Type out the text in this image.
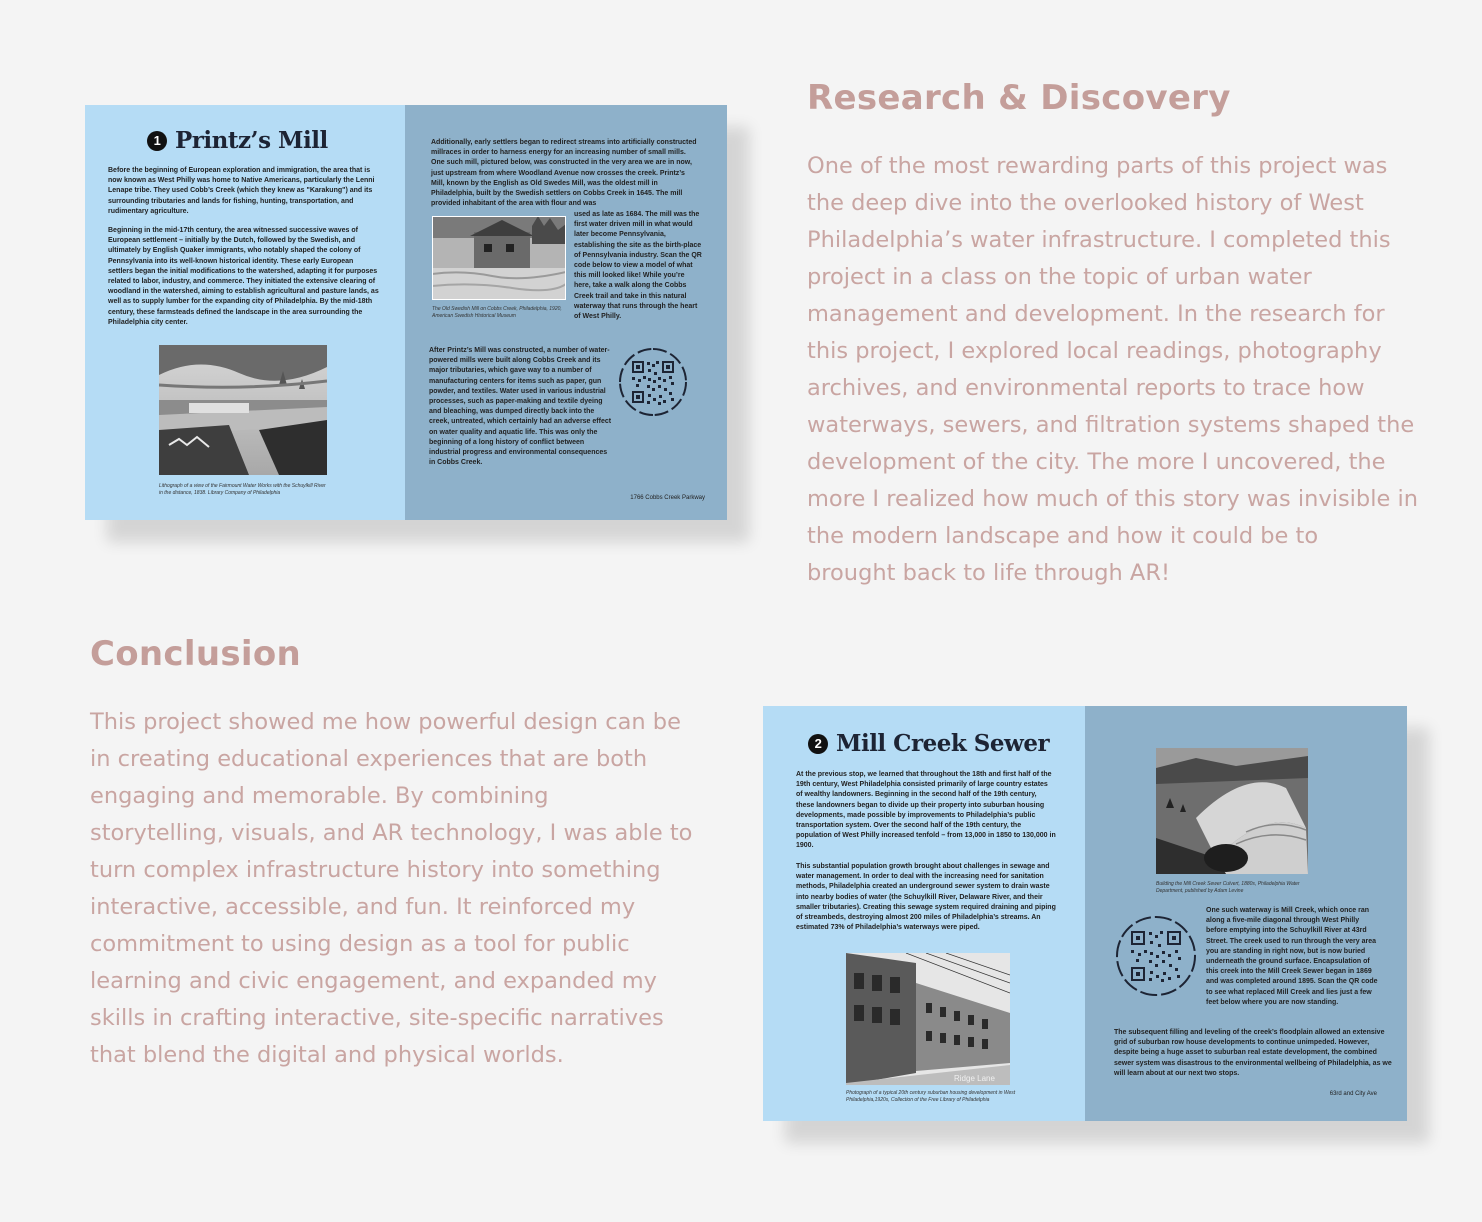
1 Printz’s Mill

Before the beginning of European exploration and immigration, the area that is now known as West Philly was home to Native Americans, particularly the Lenni Lenape tribe. They used Cobb’s Creek (which they knew as "Karakung") and its surrounding tributaries and lands for fishing, hunting, transportation, and rudimentary agriculture.

Beginning in the mid-17th century, the area witnessed successive waves of European settlement – initially by the Dutch, followed by the Swedish, and ultimately by English Quaker immigrants, who notably shaped the colony of Pennsylvania into its well-known historical identity. These early European settlers began the initial modifications to the watershed, adapting it for purposes related to labor, industry, and commerce. They initiated the extensive clearing of woodland in the watershed, aiming to establish agricultural and pasture lands, as well as to supply lumber for the expanding city of Philadelphia. By the mid-18th century, these farmsteads defined the landscape in the area surrounding the Philadelphia city center.

Lithograph of a view of the Fairmount Water Works with the Schuylkill River in the distance, 1838. Library Company of Philadelphia

Additionally, early settlers began to redirect streams into artificially constructed millraces in order to harness energy for an increasing number of small mills. One such mill, pictured below, was constructed in the very area we are in now, just upstream from where Woodland Avenue now crosses the creek. Printz’s Mill, known by the English as Old Swedes Mill, was the oldest mill in Philadelphia, built by the Swedish settlers on Cobbs Creek in 1645. The mill provided inhabitant of the area with flour and was

The Old Swedish Mill on Cobbs Creek, Philadelphia, 1920, American Swedish Historical Museum

used as late as 1684. The mill was the first water driven mill in what would later become Pennsylvania, establishing the site as the birth-place of Pennsylvania industry. Scan the QR code below to view a model of what this mill looked like! While you’re here, take a walk along the Cobbs Creek trail and take in this natural waterway that runs through the heart of West Philly.

After Printz’s Mill was constructed, a number of water-powered mills were built along Cobbs Creek and its major tributaries, which gave way to a number of manufacturing centers for items such as paper, gun powder, and textiles. Water used in various industrial processes, such as paper-making and textile dyeing and bleaching, was dumped directly back into the creek, untreated, which certainly had an adverse effect on water quality and aquatic life. This was only the beginning of a long history of conflict between industrial progress and environmental consequences in Cobbs Creek.

1766 Cobbs Creek Parkway
Research & Discovery
One of the most rewarding parts of this project was
the deep dive into the overlooked history of West
Philadelphia’s water infrastructure. I completed this
project in a class on the topic of urban water
management and development. In the research for
this project, I explored local readings, photography
archives, and environmental reports to trace how
waterways, sewers, and filtration systems shaped the
development of the city. The more I uncovered, the
more I realized how much of this story was invisible in
the modern landscape and how it could be to
brought back to life through AR!
Conclusion
This project showed me how powerful design can be
in creating educational experiences that are both
engaging and memorable. By combining
storytelling, visuals, and AR technology, I was able to
turn complex infrastructure history into something
interactive, accessible, and fun. It reinforced my
commitment to using design as a tool for public
learning and civic engagement, and expanded my
skills in crafting interactive, site-specific narratives
that blend the digital and physical worlds.
2 Mill Creek Sewer

At the previous stop, we learned that throughout the 18th and first half of the 19th century, West Philadelphia consisted primarily of large country estates of wealthy landowners. Beginning in the second half of the 19th century, these landowners began to divide up their property into suburban housing developments, made possible by improvements to Philadelphia’s public transportation system. Over the second half of the 19th century, the population of West Philly increased tenfold – from 13,000 in 1850 to 130,000 in 1900.

This substantial population growth brought about challenges in sewage and water management. In order to deal with the increasing need for sanitation methods, Philadelphia created an underground sewer system to drain waste into nearby bodies of water (the Schuylkill River, Delaware River, and their smaller tributaries). Creating this sewage system required draining and piping of streambeds, destroying almost 200 miles of Philadelphia’s streams. An estimated 73% of Philadelphia’s waterways were piped.

Ridge Lane

Photograph of a typical 20th century suburban housing development in West Philadelphia,1920s, Collection of the Free Library of Philadelphia

Building the Mill Creek Sewer Culvert, 1880s, Philadelphia Water Department, published by Adam Levine

One such waterway is Mill Creek, which once ran along a five-mile diagonal through West Philly before emptying into the Schuylkill River at 43rd Street. The creek used to run through the very area you are standing in right now, but is now buried underneath the ground surface. Encapsulation of this creek into the Mill Creek Sewer began in 1869 and was completed around 1895. Scan the QR code to see what replaced Mill Creek and lies just a few feet below where you are now standing.

The subsequent filling and leveling of the creek’s floodplain allowed an extensive grid of suburban row house developments to continue unimpeded. However, despite being a huge asset to suburban real estate development, the combined sewer system was disastrous to the environmental wellbeing of Philadelphia, as we will learn about at our next two stops.

63rd and City Ave
